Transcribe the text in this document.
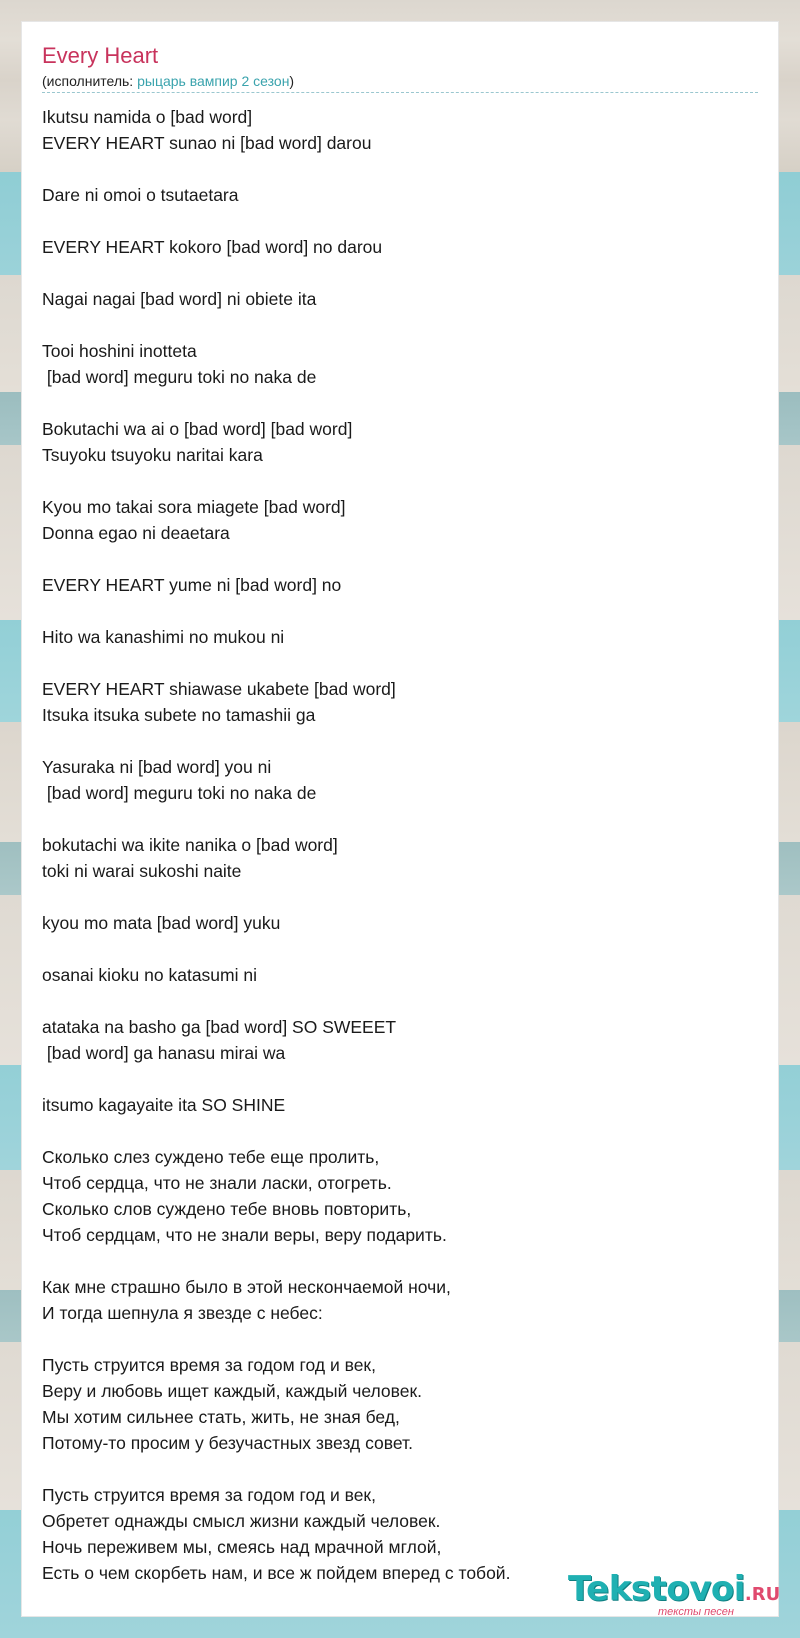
Every Heart
(исполнитель: рыцарь вампир 2 сезон)
Ikutsu namida o [bad word]
EVERY HEART sunao ni [bad word] darou
Dare ni omoi o tsutaetara
EVERY HEART kokoro [bad word] no darou
Nagai nagai [bad word] ni obiete ita
Tooi hoshini inotteta
[bad word] meguru toki no naka de
Bokutachi wa ai o [bad word] [bad word]
Tsuyoku tsuyoku naritai kara
Kyou mo takai sora miagete [bad word]
Donna egao ni deaetara
EVERY HEART yume ni [bad word] no
Hito wa kanashimi no mukou ni
EVERY HEART shiawase ukabete [bad word]
Itsuka itsuka subete no tamashii ga
Yasuraka ni [bad word] you ni
[bad word] meguru toki no naka de
bokutachi wa ikite nanika o [bad word]
toki ni warai sukoshi naite
kyou mo mata [bad word] yuku
osanai kioku no katasumi ni
atataka na basho ga [bad word] SO SWEEET
[bad word] ga hanasu mirai wa
itsumo kagayaite ita SO SHINE
Сколько слез суждено тебе еще пролить,
Чтоб сердца, что не знали ласки, отогреть.
Сколько слов суждено тебе вновь повторить,
Чтоб сердцам, что не знали веры, веру подарить.
Как мне страшно было в этой нескончаемой ночи,
И тогда шепнула я звезде с небес:
Пусть струится время за годом год и век,
Веру и любовь ищет каждый, каждый человек.
Мы хотим сильнее стать, жить, не зная бед,
Потому-то просим у безучастных звезд совет.
Пусть струится время за годом год и век,
Обретет однажды смысл жизни каждый человек.
Ночь переживем мы, смеясь над мрачной мглой,
Есть о чем скорбеть нам, и все ж пойдем вперед с тобой.	Tekstovoi.RU
тексты песен
